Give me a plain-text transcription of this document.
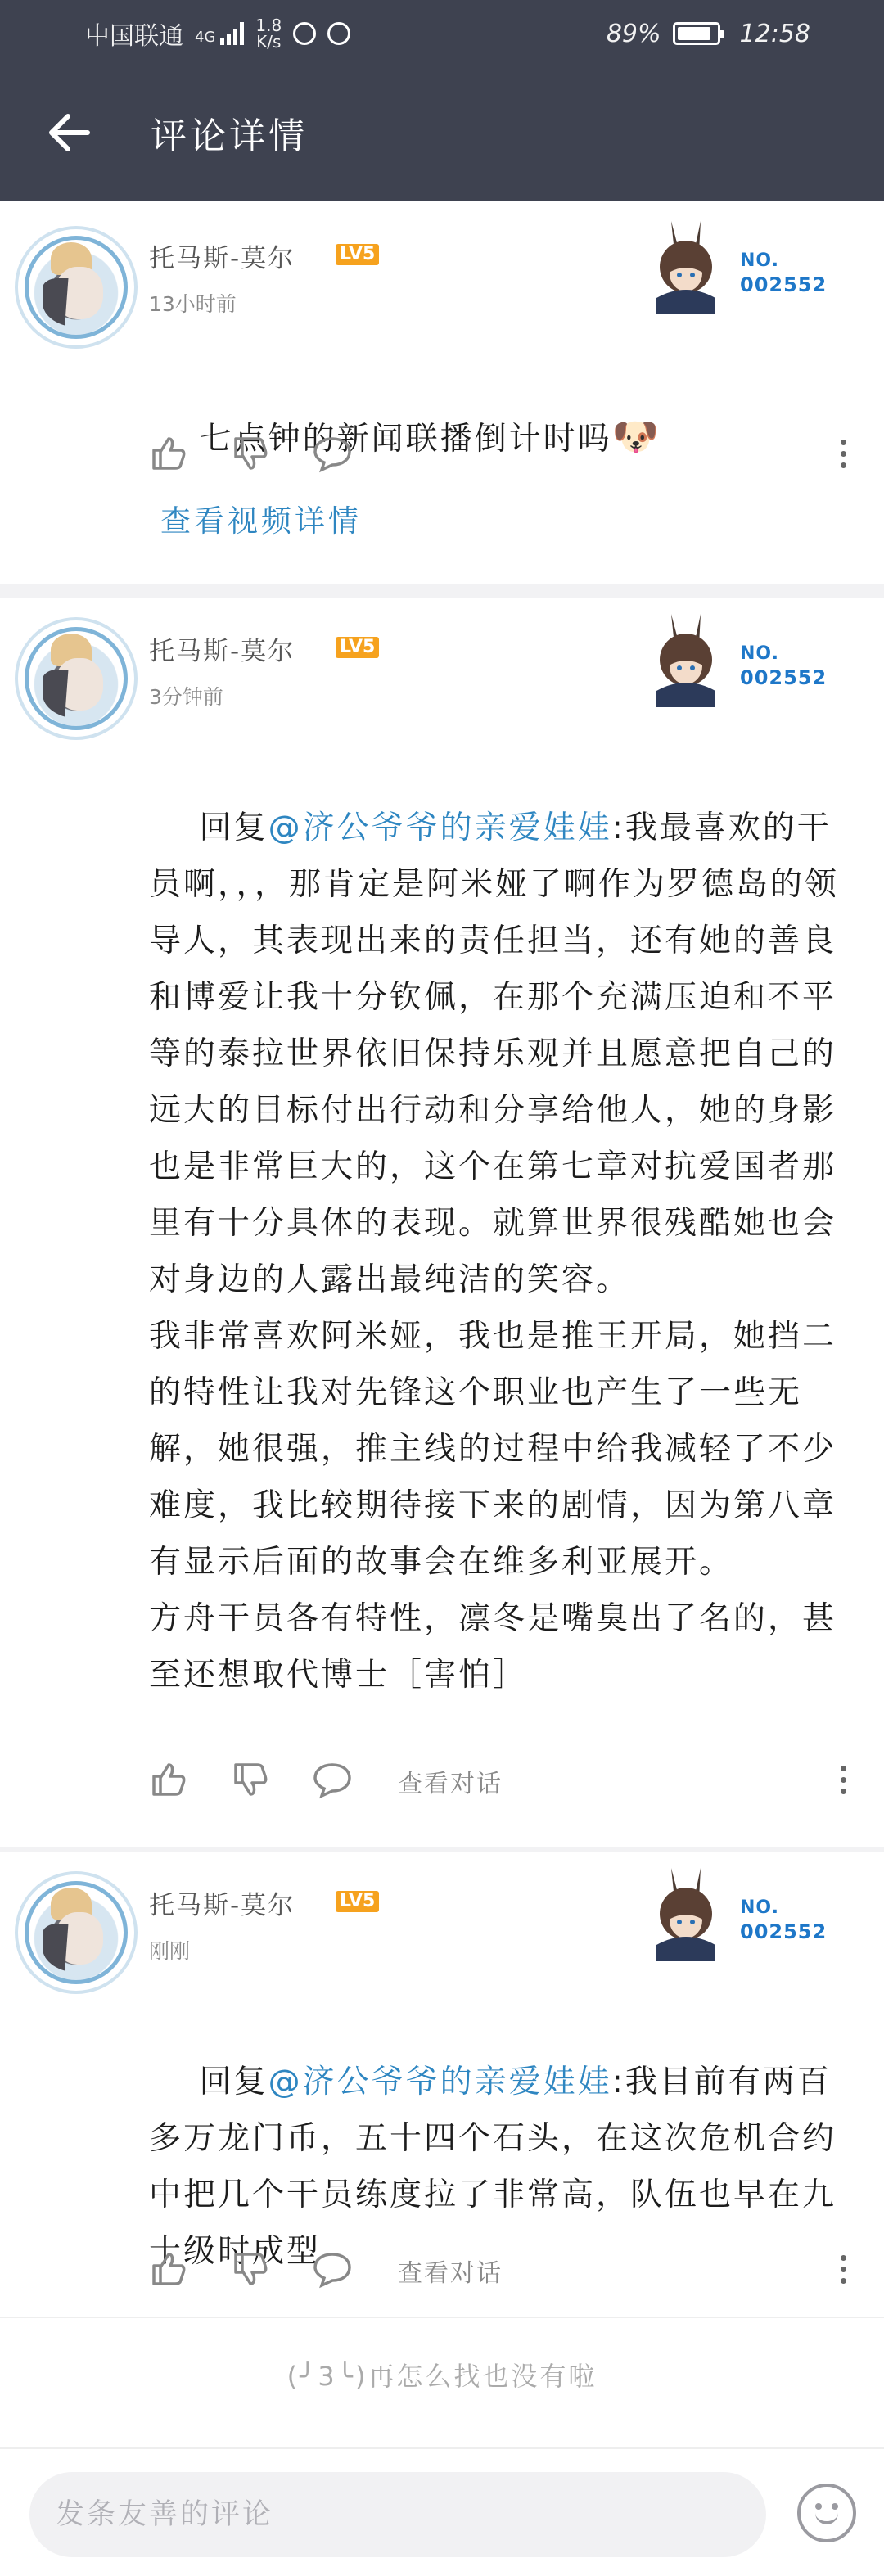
中国联通 4G
1.8
K/s	89%	12:58
评论详情
托马斯-莫尔 LV5
13小时前
NO.
002552

七点钟的新闻联播倒计时吗🐶

查看视频详情
托马斯-莫尔 LV5
3分钟前
NO.
002552

回复@济公爷爷的亲爱娃娃:我最喜欢的干员啊，，，那肯定是阿米娅了啊作为罗德岛的领导人，其表现出来的责任担当，还有她的善良和博爱让我十分钦佩，在那个充满压迫和不平等的泰拉世界依旧保持乐观并且愿意把自己的远大的目标付出行动和分享给他人，她的身影也是非常巨大的，这个在第七章对抗爱国者那里有十分具体的表现。就算世界很残酷她也会对身边的人露出最纯洁的笑容。
我非常喜欢阿米娅，我也是推王开局，她挡二的特性让我对先锋这个职业也产生了一些无解，她很强，推主线的过程中给我减轻了不少难度，我比较期待接下来的剧情，因为第八章有显示后面的故事会在维多利亚展开。
方舟干员各有特性，凛冬是嘴臭出了名的，甚至还想取代博士［害怕］

查看对话
托马斯-莫尔 LV5
刚刚
NO.
002552

回复@济公爷爷的亲爱娃娃:我目前有两百多万龙门币，五十四个石头，在这次危机合约中把几个干员练度拉了非常高，队伍也早在九十级时成型

查看对话
(╯3╰)再怎么找也没有啦
发条友善的评论
